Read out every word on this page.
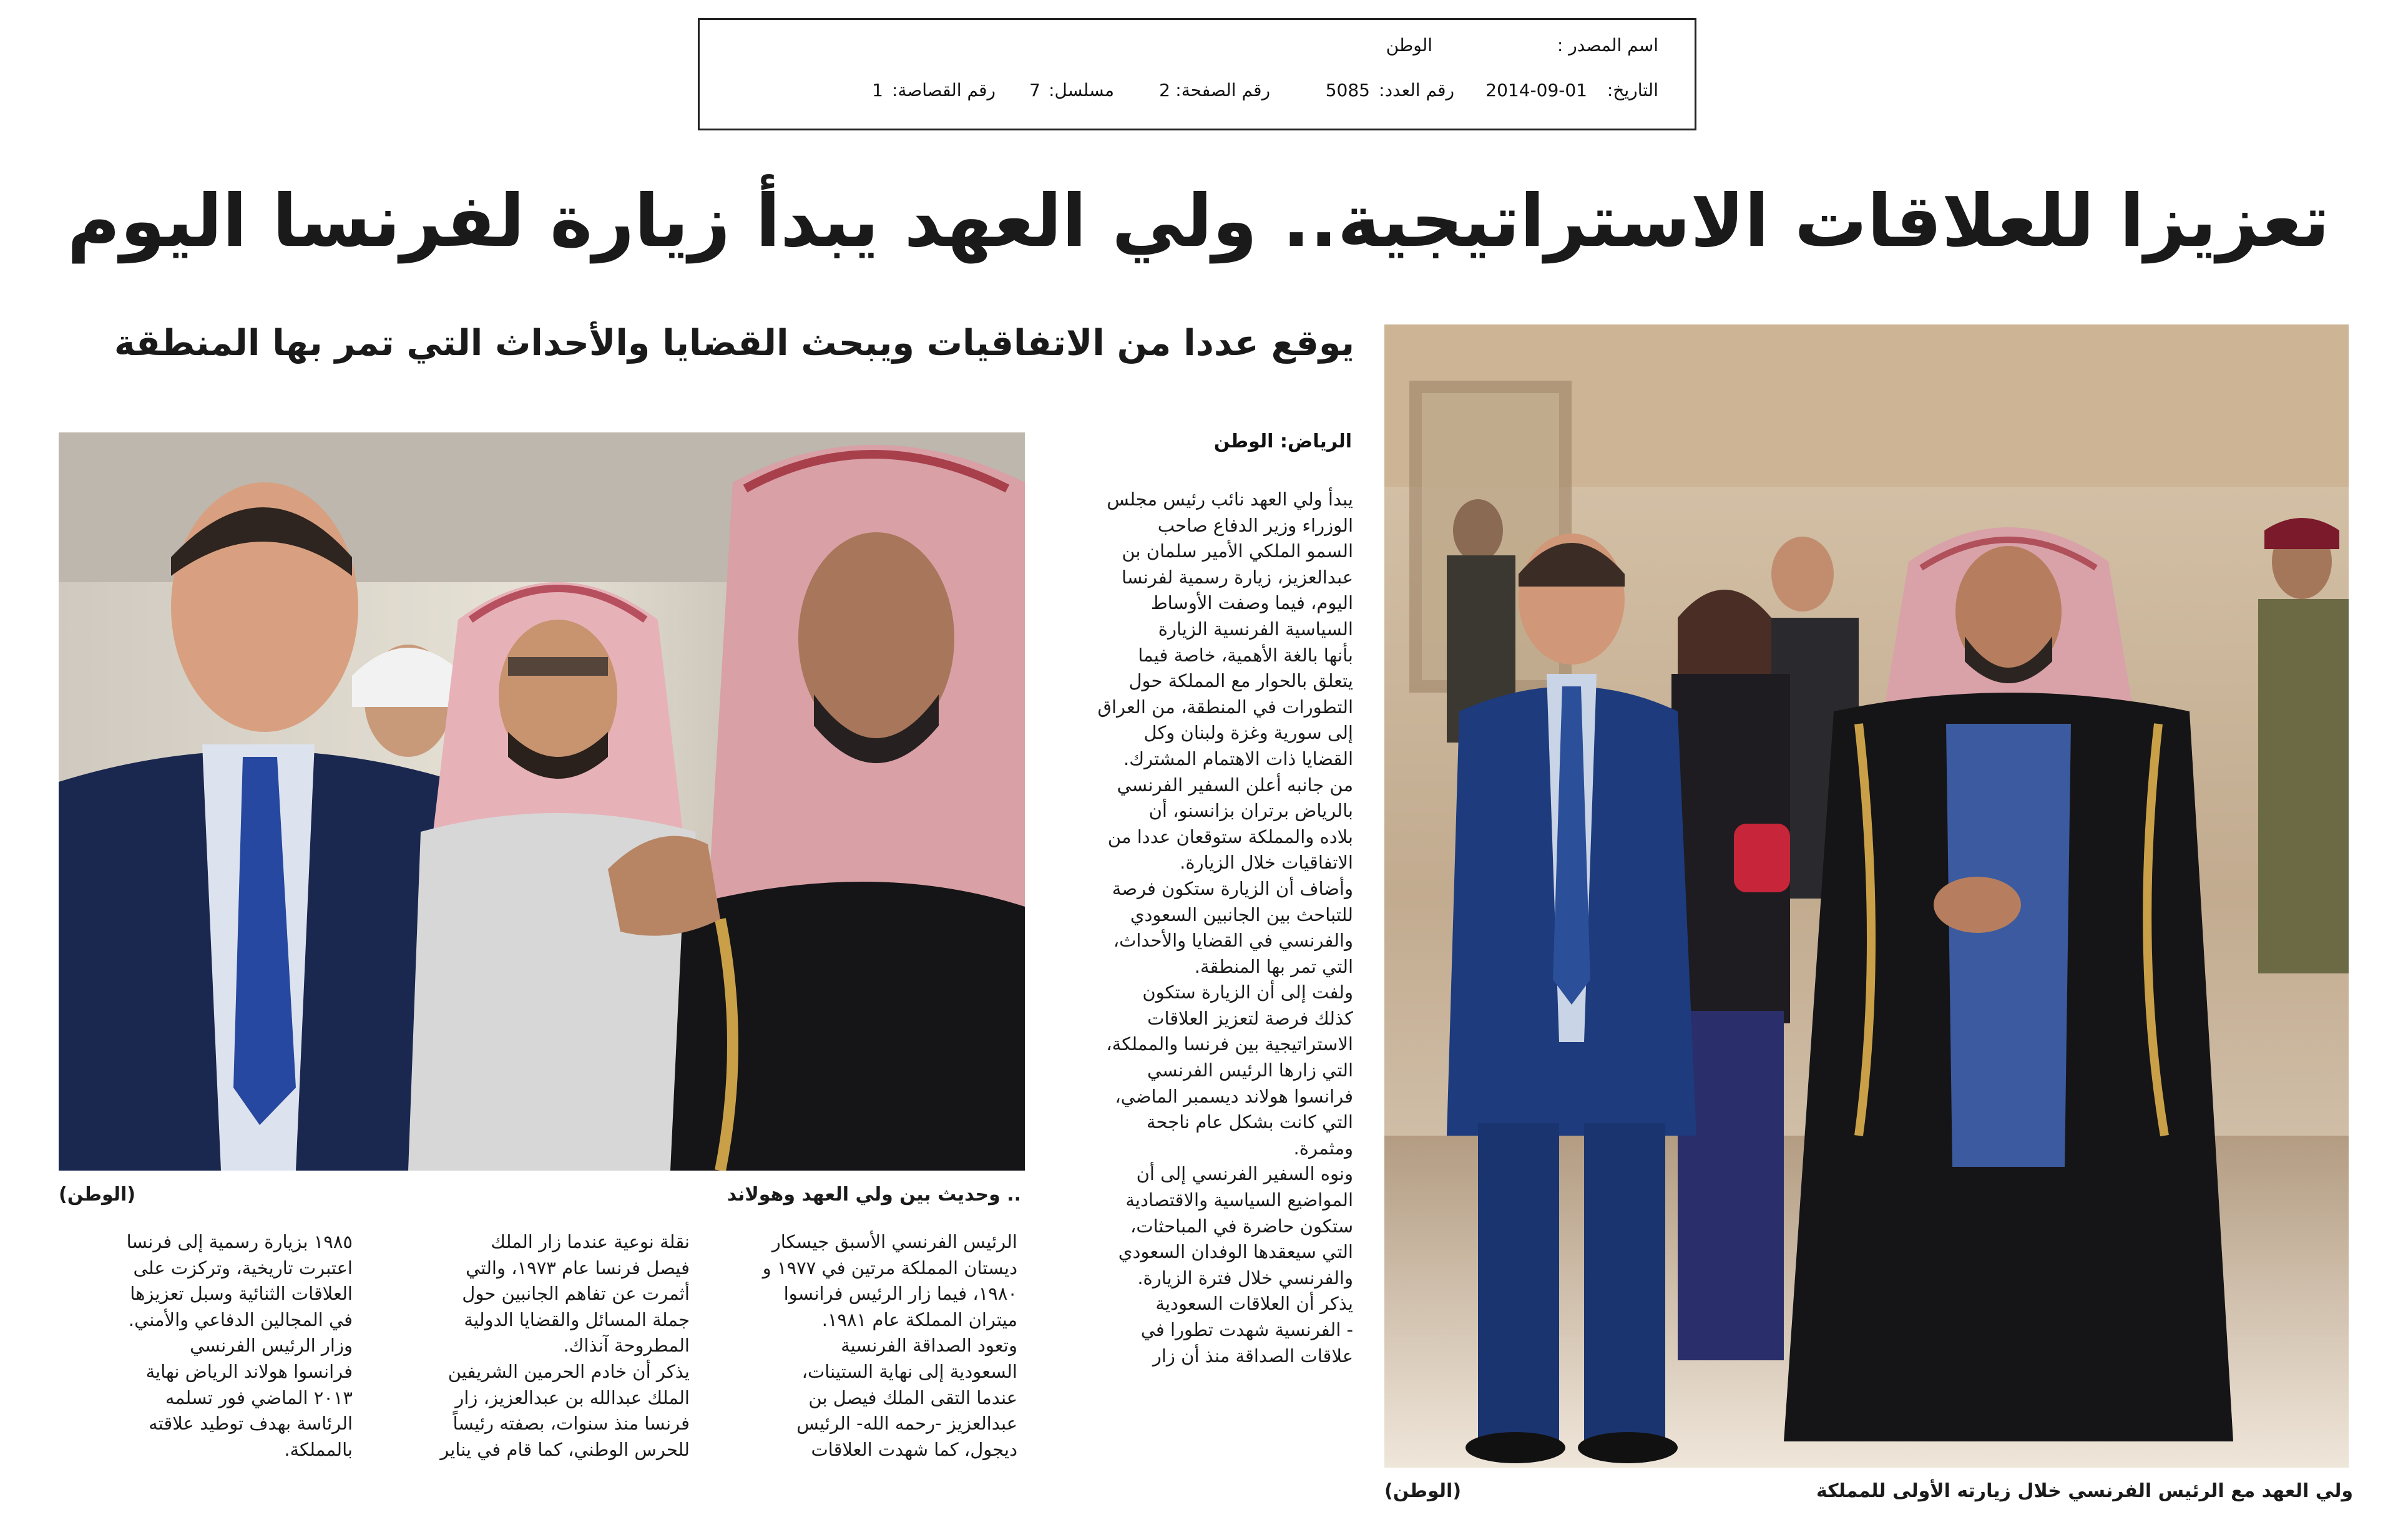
اسم المصدر :
الوطن
التاريخ:
2014-09-01
رقم العدد:
5085
رقم الصفحة:
2
مسلسل:
7
رقم القصاصة:
1
تعزيزا للعلاقات الاستراتيجية.. ولي العهد يبدأ زيارة لفرنسا اليوم
يوقع عددا من الاتفاقيات ويبحث القضايا والأحداث التي تمر بها المنطقة
ولي العهد مع الرئيس الفرنسي خلال زيارته الأولى للمملكة
(الوطن)
.. وحديث بين ولي العهد وهولاند
(الوطن)
الرياض: الوطن
يبدأ ولي العهد نائب رئيس مجلس
الوزراء وزير الدفاع صاحب
السمو الملكي الأمير سلمان بن
عبدالعزيز، زيارة رسمية لفرنسا
اليوم، فيما وصفت الأوساط
السياسية الفرنسية الزيارة
بأنها بالغة الأهمية، خاصة فيما
يتعلق بالحوار مع المملكة حول
التطورات في المنطقة، من العراق
إلى سورية وغزة ولبنان وكل
القضايا ذات الاهتمام المشترك.
من جانبه أعلن السفير الفرنسي
بالرياض برتران بزانسنو، أن
بلاده والمملكة ستوقعان عددا من
الاتفاقيات خلال الزيارة.
وأضاف أن الزيارة ستكون فرصة
للتباحث بين الجانبين السعودي
والفرنسي في القضايا والأحداث،
التي تمر بها المنطقة.
ولفت إلى أن الزيارة ستكون
كذلك فرصة لتعزيز العلاقات
الاستراتيجية بين فرنسا والمملكة،
التي زارها الرئيس الفرنسي
فرانسوا هولاند ديسمبر الماضي،
التي كانت بشكل عام ناجحة
ومثمرة.
ونوه السفير الفرنسي إلى أن
المواضيع السياسية والاقتصادية
ستكون حاضرة في المباحثات،
التي سيعقدها الوفدان السعودي
والفرنسي خلال فترة الزيارة.
يذكر أن العلاقات السعودية
- الفرنسية شهدت تطورا في
علاقات الصداقة منذ أن زار
الرئيس الفرنسي الأسبق جيسكار
ديستان المملكة مرتين في ١٩٧٧ و
١٩٨٠، فيما زار الرئيس فرانسوا
ميتران المملكة عام ١٩٨١.
وتعود الصداقة الفرنسية
السعودية إلى نهاية الستينات،
عندما التقى الملك فيصل بن
عبدالعزيز -رحمه الله- الرئيس
ديجول، كما شهدت العلاقات
نقلة نوعية عندما زار الملك
فيصل فرنسا عام ١٩٧٣، والتي
أثمرت عن تفاهم الجانبين حول
جملة المسائل والقضايا الدولية
المطروحة آنذاك.
يذكر أن خادم الحرمين الشريفين
الملك عبدالله بن عبدالعزيز، زار
فرنسا منذ سنوات، بصفته رئيساً
للحرس الوطني، كما قام في يناير
١٩٨٥ بزيارة رسمية إلى فرنسا
اعتبرت تاريخية، وتركزت على
العلاقات الثنائية وسبل تعزيزها
في المجالين الدفاعي والأمني.
وزار الرئيس الفرنسي
فرانسوا هولاند الرياض نهاية
٢٠١٣ الماضي فور تسلمه
الرئاسة بهدف توطيد علاقته
بالمملكة.
